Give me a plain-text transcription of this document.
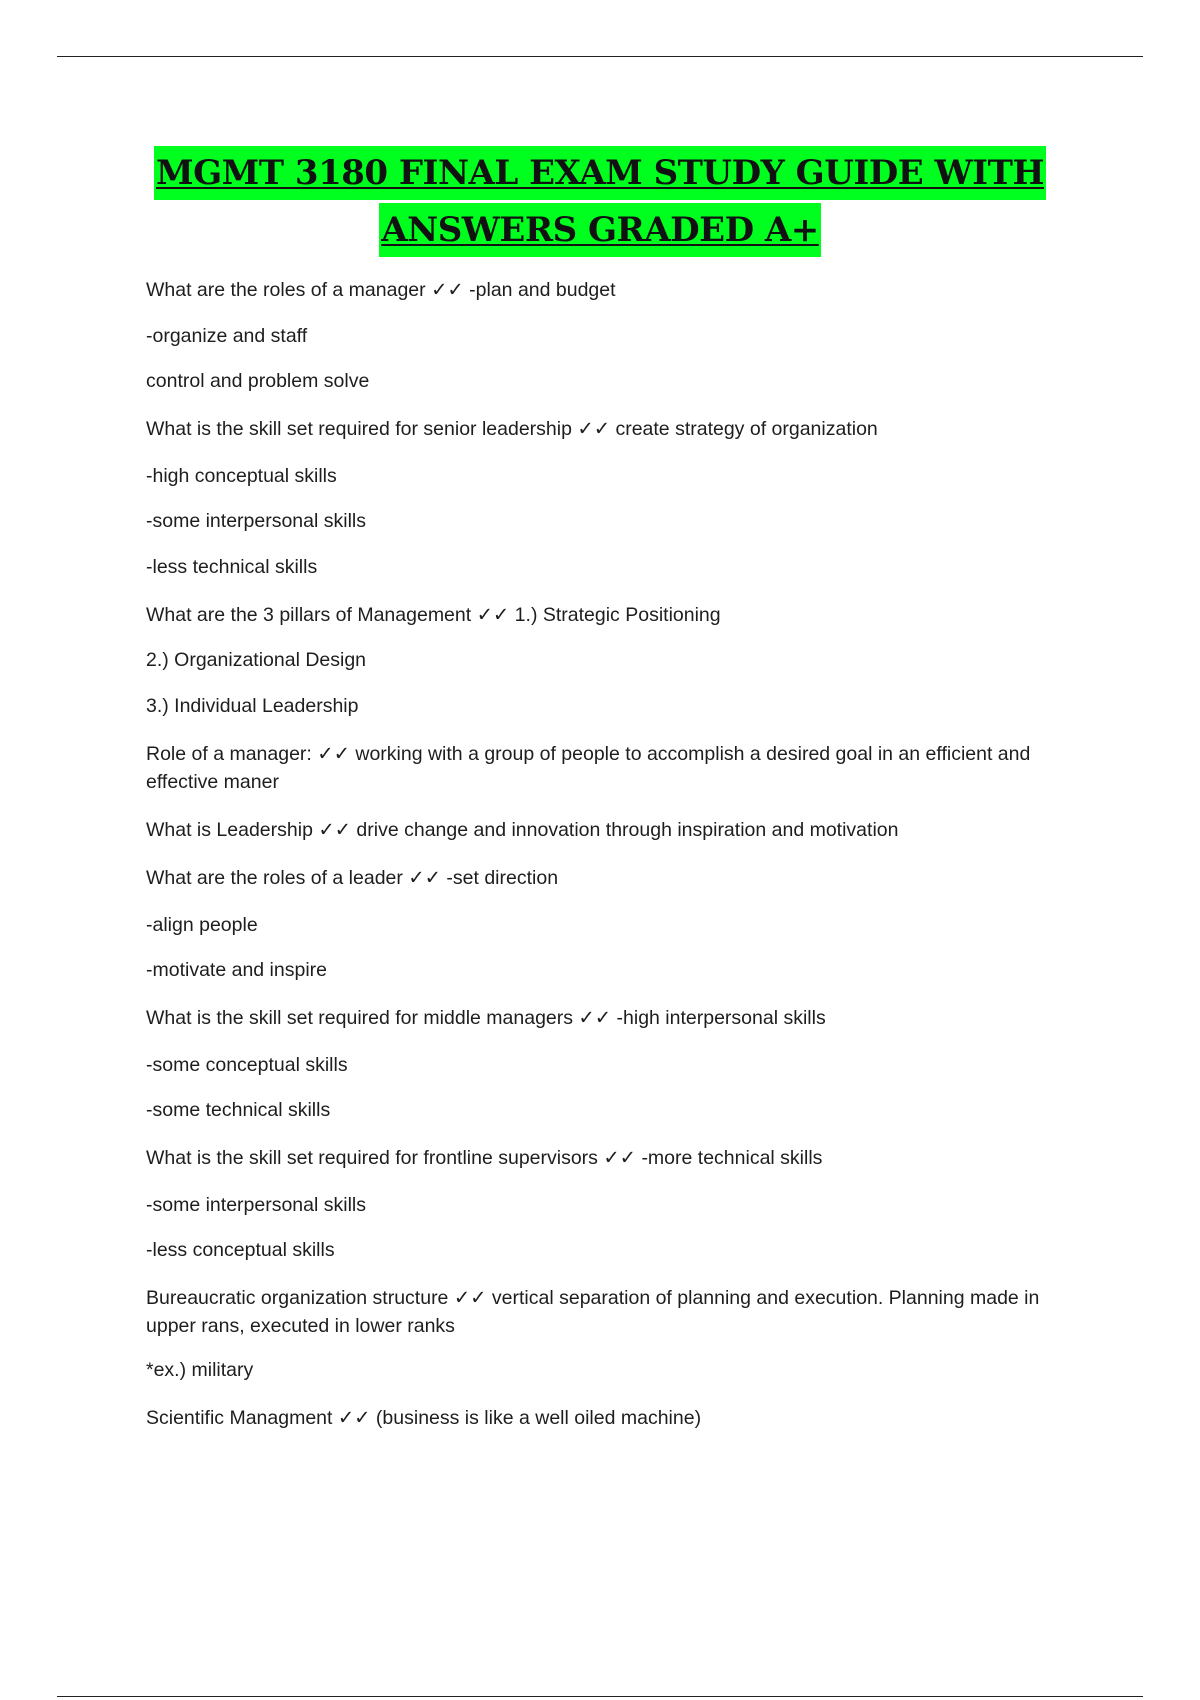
MGMT 3180 FINAL EXAM STUDY GUIDE WITH
ANSWERS GRADED A+

What are the roles of a manager ✓✓ -plan and budget

-organize and staff

control and problem solve

What is the skill set required for senior leadership ✓✓ create strategy of organization

-high conceptual skills

-some interpersonal skills

-less technical skills

What are the 3 pillars of Management ✓✓ 1.) Strategic Positioning

2.) Organizational Design

3.) Individual Leadership

Role of a manager: ✓✓ working with a group of people to accomplish a desired goal in an efficient and effective maner

What is Leadership ✓✓ drive change and innovation through inspiration and motivation

What are the roles of a leader ✓✓ -set direction

-align people

-motivate and inspire

What is the skill set required for middle managers ✓✓ -high interpersonal skills

-some conceptual skills

-some technical skills

What is the skill set required for frontline supervisors ✓✓ -more technical skills

-some interpersonal skills

-less conceptual skills

Bureaucratic organization structure ✓✓ vertical separation of planning and execution. Planning made in upper rans, executed in lower ranks

*ex.) military

Scientific Managment ✓✓ (business is like a well oiled machine)
